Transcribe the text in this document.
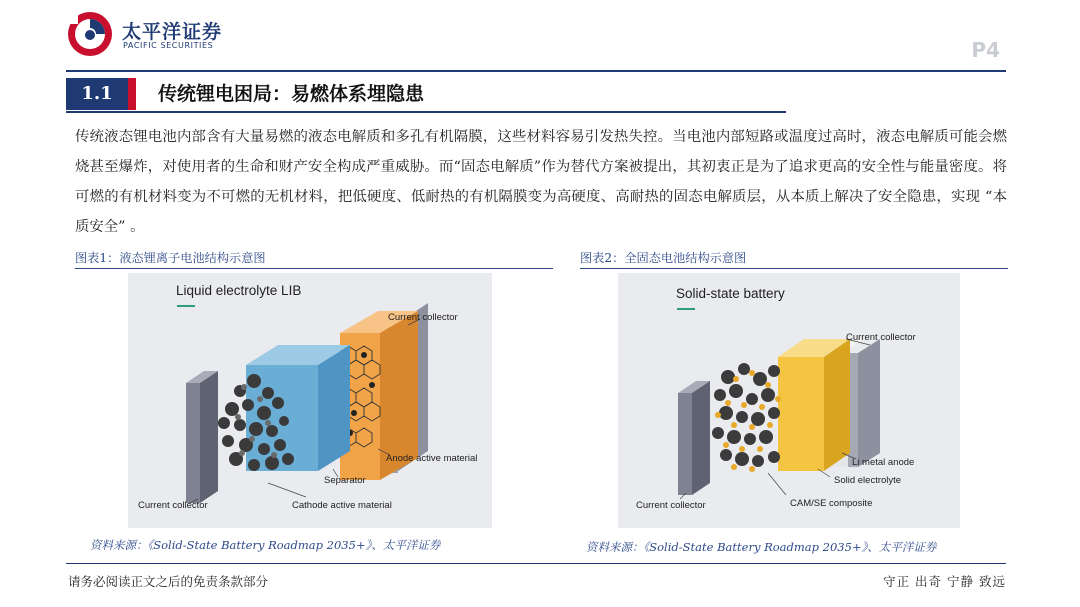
太平洋证券
PACIFIC SECURITIES	P4
1.1	传统锂电困局：易燃体系埋隐患
传统液态锂电池内部含有大量易燃的液态电解质和多孔有机隔膜，这些材料容易引发热失控。当电池内部短路或温度过高时，液态电解质可能会燃烧甚至爆炸，对使用者的生命和财产安全构成严重威胁。而“固态电解质”作为替代方案被提出，其初衷正是为了追求更高的安全性与能量密度。将可燃的有机材料变为不可燃的无机材料，把低硬度、低耐热的有机隔膜变为高硬度、高耐热的固态电解质层，从本质上解决了安全隐患，实现 “本质安全” 。
图表1：液态锂离子电池结构示意图
Liquid electrolyte LIB
Current collector
Anode active material
Separator
Current collector	Cathode active material
资料来源：《Solid-State Battery Roadmap 2035+》、太平洋证券
图表2：全固态电池结构示意图
Solid-state battery
Current collector
Li metal anode
Solid electrolyte
CAM/SE composite
Current collector
资料来源：《Solid-State Battery Roadmap 2035+》、太平洋证券
请务必阅读正文之后的免责条款部分	守正 出奇 宁静 致远
